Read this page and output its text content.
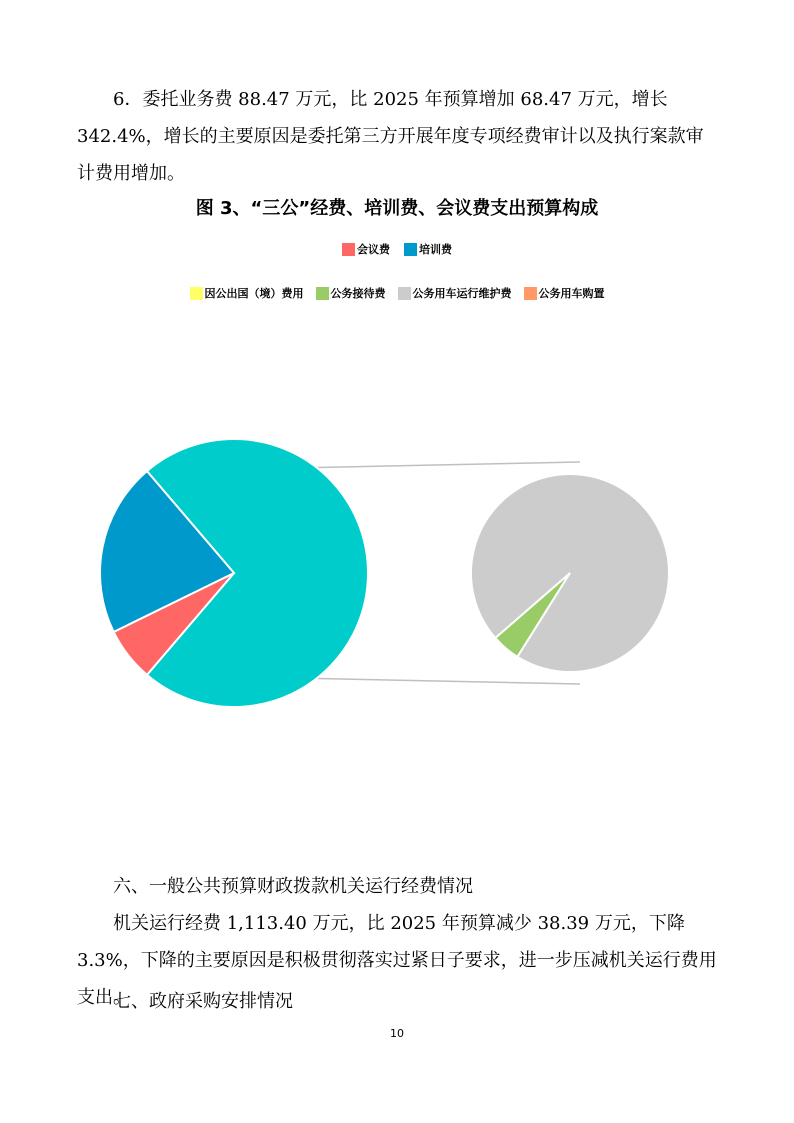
6．委托业务费 88.47 万元，比 2025 年预算增加 68.47 万元，增长 342.4%，增长的主要原因是委托第三方开展年度专项经费审计以及执行案款审计费用增加。

图 3、“三公”经费、培训费、会议费支出预算构成
会议费	培训费
因公出国（境）费用 公务接待费 公务用车运行维护费 公务用车购置

六、一般公共预算财政拨款机关运行经费情况

机关运行经费 1,113.40 万元，比 2025 年预算减少 38.39 万元，下降 3.3%，下降的主要原因是积极贯彻落实过紧日子要求，进一步压减机关运行费用支出。

七、政府采购安排情况

10
